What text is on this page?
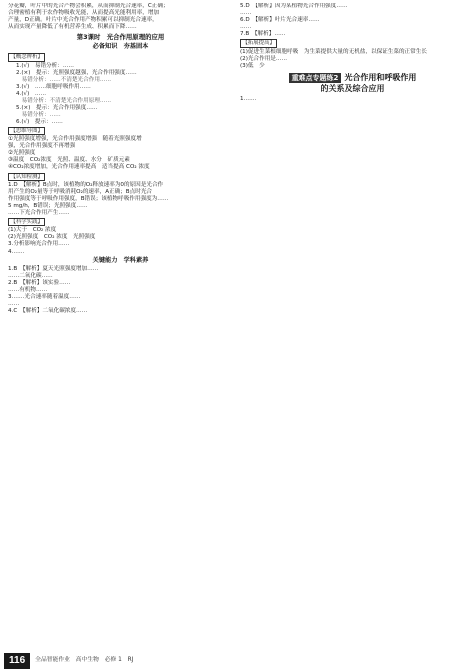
分花瓣，叶片中的光合产物会积累，从而抑制光合速率，C正确；

合理密植有利于农作物吸收光能，从而提高光能利用率，增加

产量，D正确。叶片中光合作用产物积累可以抑制光合速率，

从而实现产量降低了有机营养生成、积累而下降……

第3课时　光合作用原理的应用
必备知识　夯基固本
【概念辨析】

1.(√)　易错分析：……

2.(×)　提示：光照强度越强，光合作用强度……

　易错分析：……不清楚光合作用……

3.(√)　……细胞呼吸作用……

4.(√)　……

　易错分析：不清楚光合作用原理……

5.(×)　提示：光合作用强度……

　易错分析：……

6.(√)　提示：……

【思维导图】

①光照强度增强，光合作用强度增强　随着光照强度增

强，光合作用强度不再增强

②光照强度

③温度　CO₂浓度　光照、温度、水分　矿质元素

④CO₂浓度增加，光合作用速率提高　适当提高 CO₂ 浓度

【认知检测】

1.D　【解析】B点时，该植物的O₂释放速率为0的原因是光合作

用产生的O₂量等于呼吸消耗O₂的速率，A正确；B点时光合

作用强度等于呼吸作用强度，B错误；该植物呼吸作用强度为……

5 mg/h，B错误；光照强度……

……下光合作用产生……

【科学实践】

(1)大于　CO₂ 浓度

(2)光照强度　CO₂ 浓度　光照强度

3.分析影响光合作用……

4.……

关键能力　学科素养

1.B　【解析】夏天光照强度增加……

……二氧化碳……

2.B　【解析】该实验……

……有机物……

3.……光合速率随着温度……

……

4.C　【解析】二氧化碳浓度……

5.D　【解析】因为某植物光合作用强度……

……

6.D　【解析】叶片光合速率……

……

7.B　【解析】……

【拓展提高】

(1)促进生菜根细胞呼吸　为生菜提供大量的无机盐，以保证生菜的正常生长

(2)光合作用是……

(3)低　少

重难点专题练2 光合作用和呼吸作用
的关系及综合应用

1.……

116	全品智能作业　高中生物　必修 1　RJ
